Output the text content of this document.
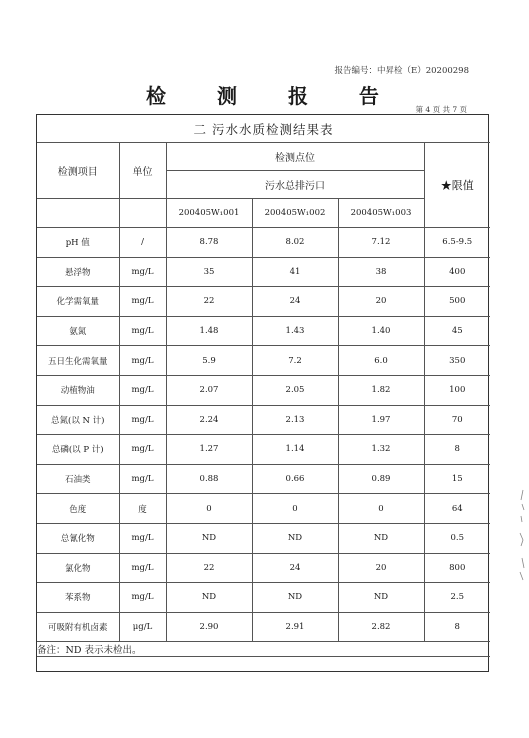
报告编号：中昇检（E）20200298
检 测 报 告
第 4 页 共 7 页
二 污水水质检测结果表					
检测项目	单位	检测点位			★限值
		污水总排污口			
		200405W₁001	200405W₁002	200405W₁003	
pH 值	/	8.78	8.02	7.12	6.5-9.5
悬浮物	mg/L	35	41	38	400
化学需氧量	mg/L	22	24	20	500
氨氮	mg/L	1.48	1.43	1.40	45
五日生化需氧量	mg/L	5.9	7.2	6.0	350
动植物油	mg/L	2.07	2.05	1.82	100
总氮(以 N 计)	mg/L	2.24	2.13	1.97	70
总磷(以 P 计)	mg/L	1.27	1.14	1.32	8
石油类	mg/L	0.88	0.66	0.89	15
色度	度	0	0	0	64
总氰化物	mg/L	ND	ND	ND	0.5
氯化物	mg/L	22	24	20	800
苯系物	mg/L	ND	ND	ND	2.5
可吸附有机卤素	μg/L	2.90	2.91	2.82	8
备注：ND 表示未检出。					
